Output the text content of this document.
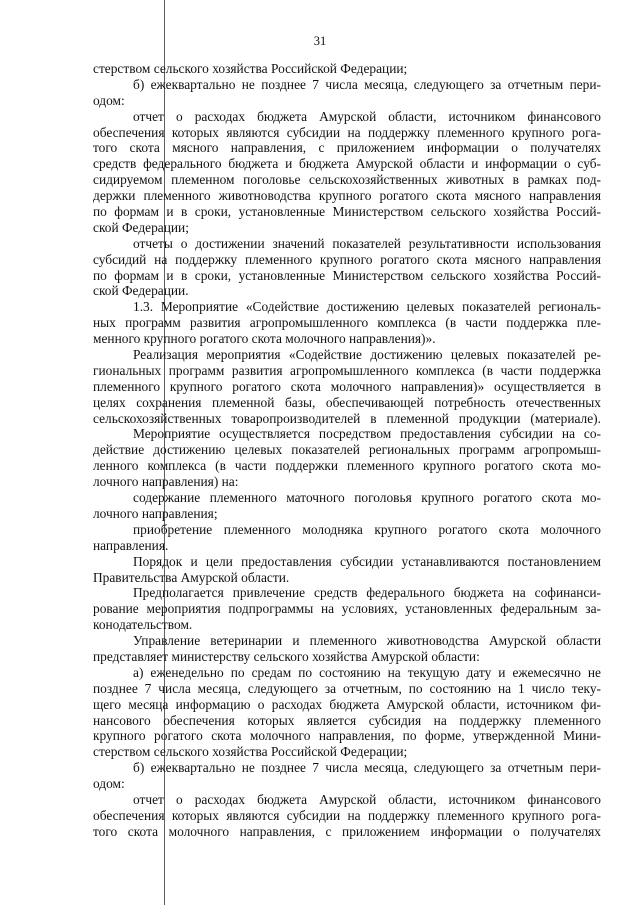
31
стерством сельского хозяйства Российской Федерации;
б) ежеквартально не позднее 7 числа месяца, следующего за отчетным пери-
одом:
отчет о расходах бюджета Амурской области, источником финансового
обеспечения которых являются субсидии на поддержку племенного крупного рога-
того скота мясного направления, с приложением информации о получателях
средств федерального бюджета и бюджета Амурской области и информации о суб-
сидируемом племенном поголовье сельскохозяйственных животных в рамках под-
держки племенного животноводства крупного рогатого скота мясного направления
по формам и в сроки, установленные Министерством сельского хозяйства Россий-
ской Федерации;
отчеты о достижении значений показателей результативности использования
субсидий на поддержку племенного крупного рогатого скота мясного направления
по формам и в сроки, установленные Министерством сельского хозяйства Россий-
ской Федерации.
1.3. Мероприятие «Содействие достижению целевых показателей региональ-
ных программ развития агропромышленного комплекса (в части поддержка пле-
менного крупного рогатого скота молочного направления)».
Реализация мероприятия «Содействие достижению целевых показателей ре-
гиональных программ развития агропромышленного комплекса (в части поддержка
племенного крупного рогатого скота молочного направления)» осуществляется в
целях сохранения племенной базы, обеспечивающей потребность отечественных
сельскохозяйственных товаропроизводителей в племенной продукции (материале).
Мероприятие осуществляется посредством предоставления субсидии на со-
действие достижению целевых показателей региональных программ агропромыш-
ленного комплекса (в части поддержки племенного крупного рогатого скота мо-
лочного направления) на:
содержание племенного маточного поголовья крупного рогатого скота мо-
лочного направления;
приобретение племенного молодняка крупного рогатого скота молочного
направления.
Порядок и цели предоставления субсидии устанавливаются постановлением
Правительства Амурской области.
Предполагается привлечение средств федерального бюджета на софинанси-
рование мероприятия подпрограммы на условиях, установленных федеральным за-
конодательством.
Управление ветеринарии и племенного животноводства Амурской области
представляет министерству сельского хозяйства Амурской области:
а) еженедельно по средам по состоянию на текущую дату и ежемесячно не
позднее 7 числа месяца, следующего за отчетным, по состоянию на 1 число теку-
щего месяца информацию о расходах бюджета Амурской области, источником фи-
нансового обеспечения которых является субсидия на поддержку племенного
крупного рогатого скота молочного направления, по форме, утвержденной Мини-
стерством сельского хозяйства Российской Федерации;
б) ежеквартально не позднее 7 числа месяца, следующего за отчетным пери-
одом:
отчет о расходах бюджета Амурской области, источником финансового
обеспечения которых являются субсидии на поддержку племенного крупного рога-
того скота молочного направления, с приложением информации о получателях
